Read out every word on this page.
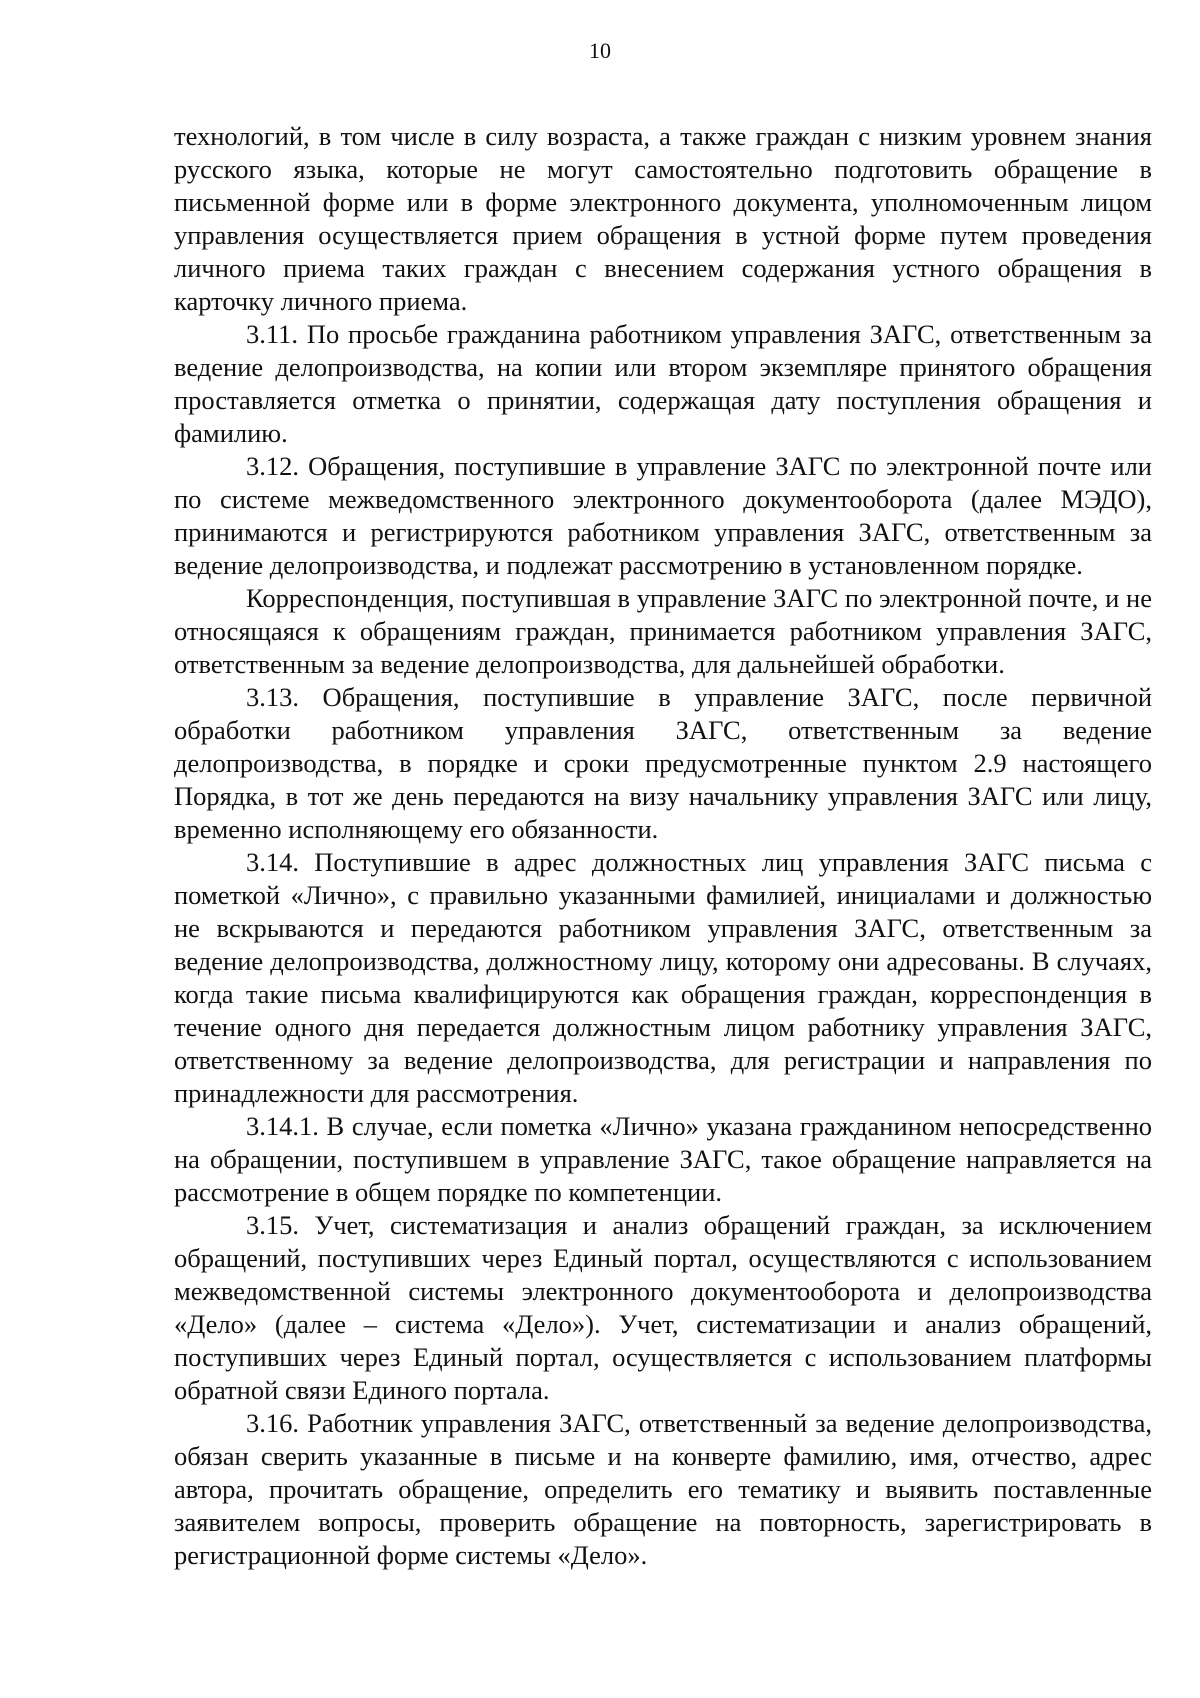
10

технологий, в том числе в силу возраста, а также граждан с низким уровнем знания русского языка, которые не могут самостоятельно подготовить обращение в письменной форме или в форме электронного документа, уполномоченным лицом управления осуществляется прием обращения в устной форме путем проведения личного приема таких граждан с внесением содержания устного обращения в карточку личного приема.

3.11. По просьбе гражданина работником управления ЗАГС, ответственным за ведение делопроизводства, на копии или втором экземпляре принятого обращения проставляется отметка о принятии, содержащая дату поступления обращения и фамилию.

3.12. Обращения, поступившие в управление ЗАГС по электронной почте или по системе межведомственного электронного документооборота (далее МЭДО), принимаются и регистрируются работником управления ЗАГС, ответственным за ведение делопроизводства, и подлежат рассмотрению в установленном порядке.

Корреспонденция, поступившая в управление ЗАГС по электронной почте, и не относящаяся к обращениям граждан, принимается работником управления ЗАГС, ответственным за ведение делопроизводства, для дальнейшей обработки.

3.13. Обращения, поступившие в управление ЗАГС, после первичной обработки работником управления ЗАГС, ответственным за ведение делопроизводства, в порядке и сроки предусмотренные пунктом 2.9 настоящего Порядка, в тот же день передаются на визу начальнику управления ЗАГС или лицу, временно исполняющему его обязанности.

3.14. Поступившие в адрес должностных лиц управления ЗАГС письма с пометкой «Лично», с правильно указанными фамилией, инициалами и должностью не вскрываются и передаются работником управления ЗАГС, ответственным за ведение делопроизводства, должностному лицу, которому они адресованы. В случаях, когда такие письма квалифицируются как обращения граждан, корреспонденция в течение одного дня передается должностным лицом работнику управления ЗАГС, ответственному за ведение делопроизводства, для регистрации и направления по принадлежности для рассмотрения.

3.14.1. В случае, если пометка «Лично» указана гражданином непосредственно на обращении, поступившем в управление ЗАГС, такое обращение направляется на рассмотрение в общем порядке по компетенции.

3.15. Учет, систематизация и анализ обращений граждан, за исключением обращений, поступивших через Единый портал, осуществляются с использованием межведомственной системы электронного документооборота и делопроизводства «Дело» (далее – система «Дело»). Учет, систематизации и анализ обращений, поступивших через Единый портал, осуществляется с использованием платформы обратной связи Единого портала.

3.16. Работник управления ЗАГС, ответственный за ведение делопроизводства, обязан сверить указанные в письме и на конверте фамилию, имя, отчество, адрес автора, прочитать обращение, определить его тематику и выявить поставленные заявителем вопросы, проверить обращение на повторность, зарегистрировать в регистрационной форме системы «Дело».
